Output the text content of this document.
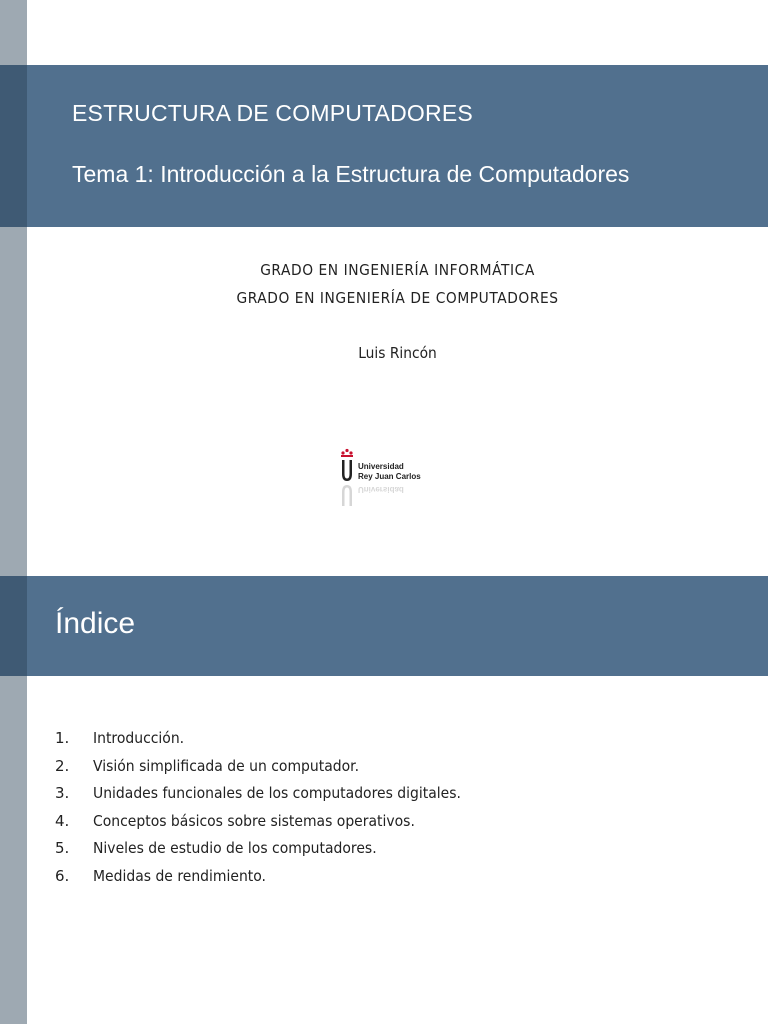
ESTRUCTURA DE COMPUTADORES
Tema 1: Introducción a la Estructura de Computadores
GRADO EN INGENIERÍA INFORMÁTICA
GRADO EN INGENIERÍA DE COMPUTADORES
Luis Rincón
Universidad
Universidad
Rey Juan Carlos
Índice
1.	Introducción.
2.	Visión simplificada de un computador.
3.	Unidades funcionales de los computadores digitales.
4.	Conceptos básicos sobre sistemas operativos.
5.	Niveles de estudio de los computadores.
6.	Medidas de rendimiento.
